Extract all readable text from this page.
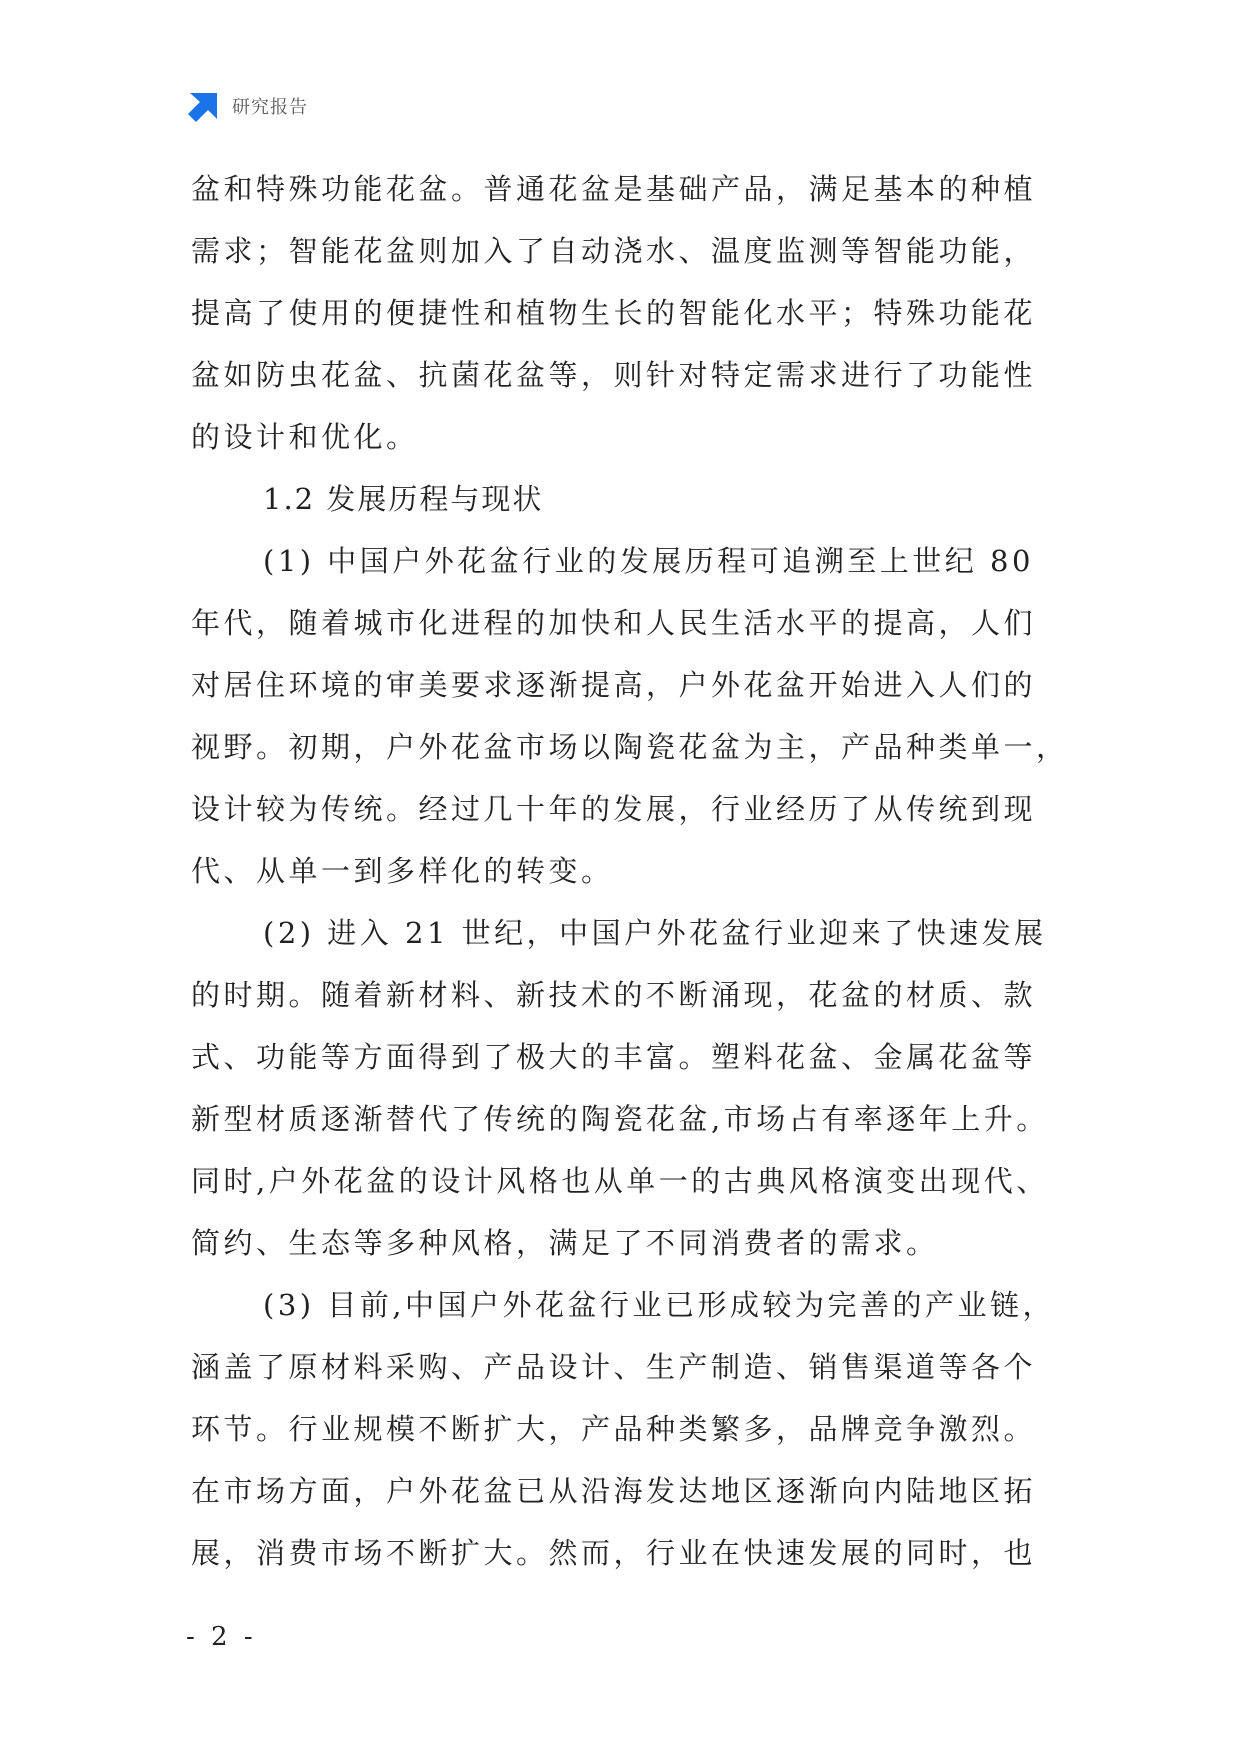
研究报告
盆和特殊功能花盆。普通花盆是基础产品，满足基本的种植
需求；智能花盆则加入了自动浇水、温度监测等智能功能，
提高了使用的便捷性和植物生长的智能化水平；特殊功能花
盆如防虫花盆、抗菌花盆等，则针对特定需求进行了功能性
的设计和优化。
1.2 发展历程与现状
(1) 中国户外花盆行业的发展历程可追溯至上世纪 80
年代，随着城市化进程的加快和人民生活水平的提高，人们
对居住环境的审美要求逐渐提高，户外花盆开始进入人们的
视野。初期，户外花盆市场以陶瓷花盆为主，产品种类单一，
设计较为传统。经过几十年的发展，行业经历了从传统到现
代、从单一到多样化的转变。
(2) 进入 21 世纪，中国户外花盆行业迎来了快速发展
的时期。随着新材料、新技术的不断涌现，花盆的材质、款
式、功能等方面得到了极大的丰富。塑料花盆、金属花盆等
新型材质逐渐替代了传统的陶瓷花盆,市场占有率逐年上升。
同时,户外花盆的设计风格也从单一的古典风格演变出现代、
简约、生态等多种风格，满足了不同消费者的需求。
(3) 目前,中国户外花盆行业已形成较为完善的产业链，
涵盖了原材料采购、产品设计、生产制造、销售渠道等各个
环节。行业规模不断扩大，产品种类繁多，品牌竞争激烈。
在市场方面，户外花盆已从沿海发达地区逐渐向内陆地区拓
展，消费市场不断扩大。然而，行业在快速发展的同时，也
- 2 -
